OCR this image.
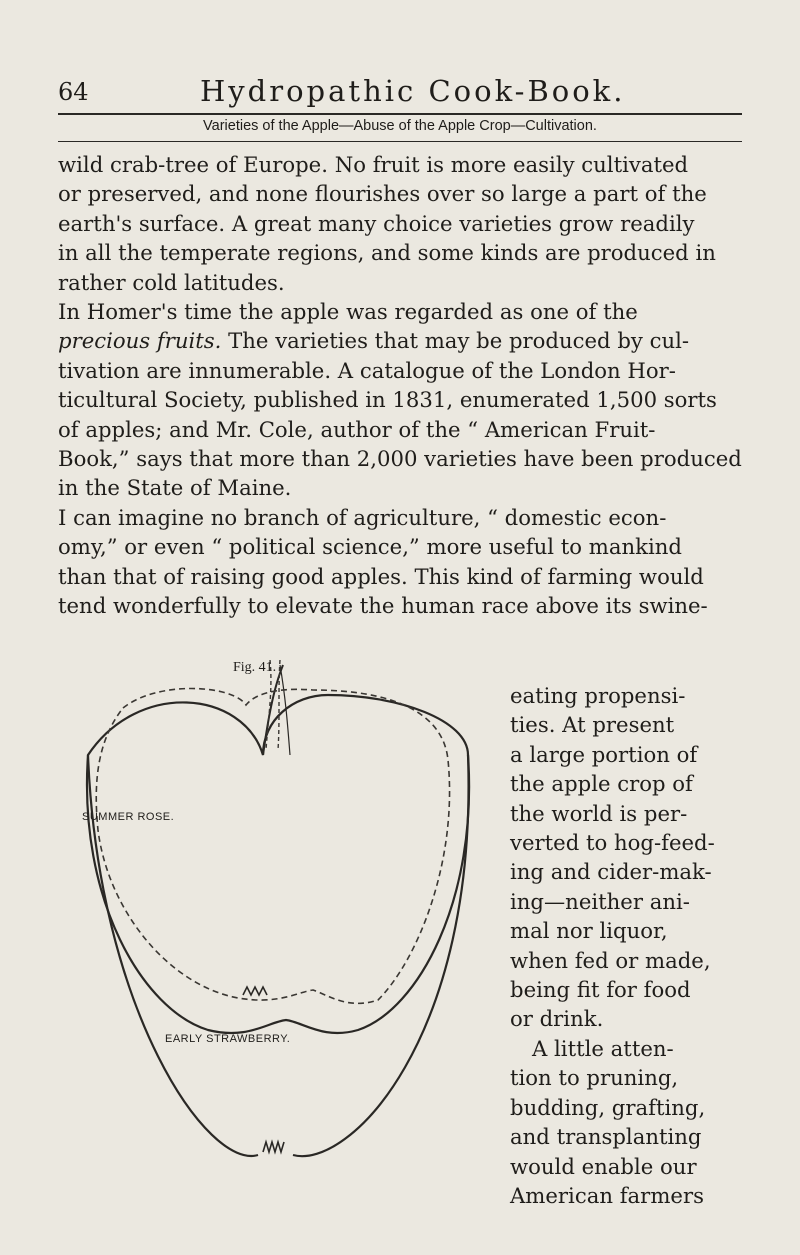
64	Hydropathic Cook-Book.
Varieties of the Apple—Abuse of the Apple Crop—Cultivation.

wild crab-tree of Europe. No fruit is more easily cultivated

or preserved, and none flourishes over so large a part of the

earth's surface. A great many choice varieties grow readily

in all the temperate regions, and some kinds are produced in

rather cold latitudes.

In Homer's time the apple was regarded as one of the

precious fruits. The varieties that may be produced by cul-

tivation are innumerable. A catalogue of the London Hor-

ticultural Society, published in 1831, enumerated 1,500 sorts

of apples; and Mr. Cole, author of the “ American Fruit-

Book,” says that more than 2,000 varieties have been produced

in the State of Maine.

I can imagine no branch of agriculture, “ domestic econ-

omy,” or even “ political science,” more useful to mankind

than that of raising good apples. This kind of farming would

tend wonderfully to elevate the human race above its swine-

Fig. 41.
SUMMER ROSE.
EARLY STRAWBERRY.
eating propensi-
ties. At present
a large portion of
the apple crop of
the world is per-
verted to hog-feed-
ing and cider-mak-
ing—neither ani-
mal nor liquor,
when fed or made,
being fit for food
or drink.
A little atten-
tion to pruning,
budding, grafting,
and transplanting
would enable our
American farmers
